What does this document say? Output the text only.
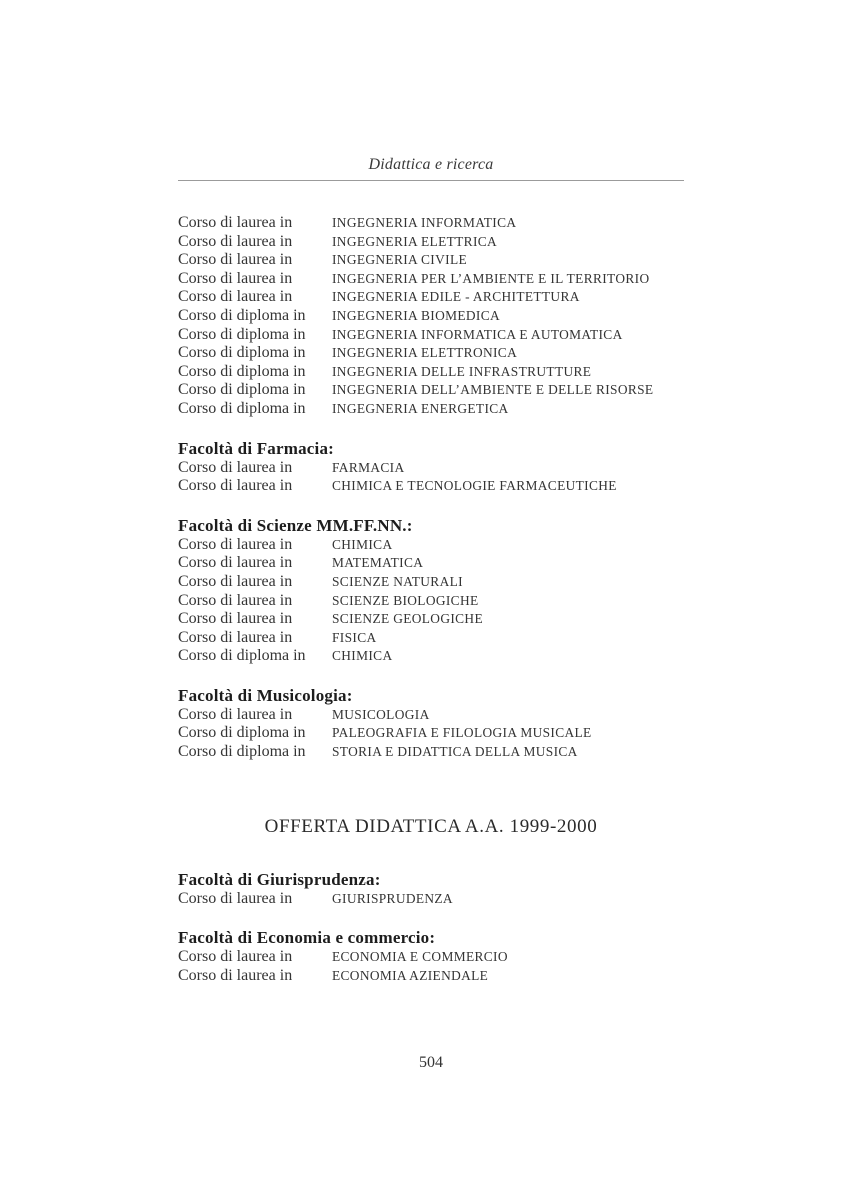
Didattica e ricerca
Corso di laurea in	INGEGNERIA INFORMATICA
Corso di laurea in	INGEGNERIA ELETTRICA
Corso di laurea in	INGEGNERIA CIVILE
Corso di laurea in	INGEGNERIA PER L’AMBIENTE E IL TERRITORIO
Corso di laurea in	INGEGNERIA EDILE - ARCHITETTURA
Corso di diploma in	INGEGNERIA BIOMEDICA
Corso di diploma in	INGEGNERIA INFORMATICA E AUTOMATICA
Corso di diploma in	INGEGNERIA ELETTRONICA
Corso di diploma in	INGEGNERIA DELLE INFRASTRUTTURE
Corso di diploma in	INGEGNERIA DELL’AMBIENTE E DELLE RISORSE
Corso di diploma in	INGEGNERIA ENERGETICA
Facoltà di Farmacia:
Corso di laurea in	FARMACIA
Corso di laurea in	CHIMICA E TECNOLOGIE FARMACEUTICHE
Facoltà di Scienze MM.FF.NN.:
Corso di laurea in	CHIMICA
Corso di laurea in	MATEMATICA
Corso di laurea in	SCIENZE NATURALI
Corso di laurea in	SCIENZE BIOLOGICHE
Corso di laurea in	SCIENZE GEOLOGICHE
Corso di laurea in	FISICA
Corso di diploma in	CHIMICA
Facoltà di Musicologia:
Corso di laurea in	MUSICOLOGIA
Corso di diploma in	PALEOGRAFIA E FILOLOGIA MUSICALE
Corso di diploma in	STORIA E DIDATTICA DELLA MUSICA
OFFERTA DIDATTICA A.A. 1999-2000
Facoltà di Giurisprudenza:
Corso di laurea in	GIURISPRUDENZA
Facoltà di Economia e commercio:
Corso di laurea in	ECONOMIA E COMMERCIO
Corso di laurea in	ECONOMIA AZIENDALE
504
